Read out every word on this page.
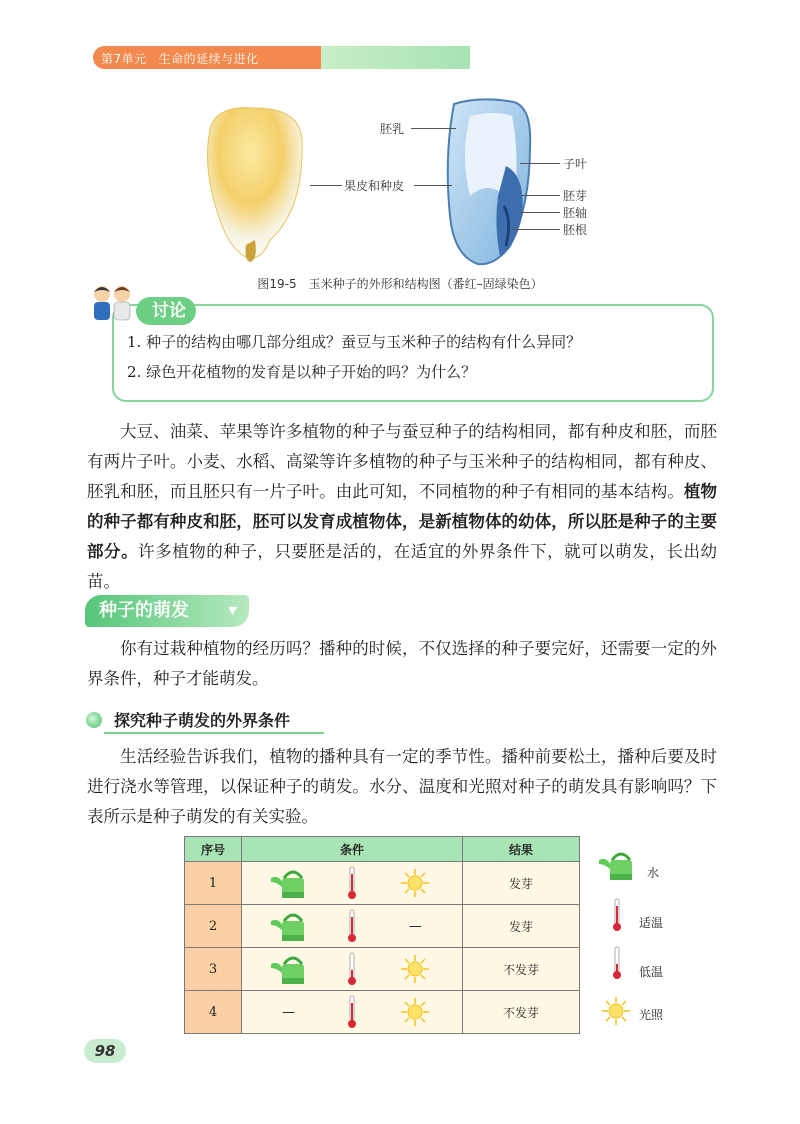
第7单元 生命的延续与进化
胚乳
果皮和种皮
子叶
胚芽
胚轴
胚根
图19-5　玉米种子的外形和结构图（番红–固绿染色）
讨论
1. 种子的结构由哪几部分组成？蚕豆与玉米种子的结构有什么异同？
2. 绿色开花植物的发育是以种子开始的吗？为什么？
大豆、油菜、苹果等许多植物的种子与蚕豆种子的结构相同，都有种皮和胚，而胚有两片子叶。小麦、水稻、高粱等许多植物的种子与玉米种子的结构相同，都有种皮、胚乳和胚，而且胚只有一片子叶。由此可知，不同植物的种子有相同的基本结构。植物的种子都有种皮和胚，胚可以发育成植物体，是新植物体的幼体，所以胚是种子的主要部分。许多植物的种子，只要胚是活的，在适宜的外界条件下，就可以萌发，长出幼苗。
种子的萌发	▼
你有过栽种植物的经历吗？播种的时候，不仅选择的种子要完好，还需要一定的外界条件，种子才能萌发。
探究种子萌发的外界条件
生活经验告诉我们，植物的播种具有一定的季节性。播种前要松土，播种后要及时进行浇水等管理，以保证种子的萌发。水分、温度和光照对种子的萌发具有影响吗？下表所示是种子萌发的有关实验。
序号	条件	结果
1		发芽
2	—	发芽
3		不发芽
4	—	不发芽
水
适温
低温
光照
98
